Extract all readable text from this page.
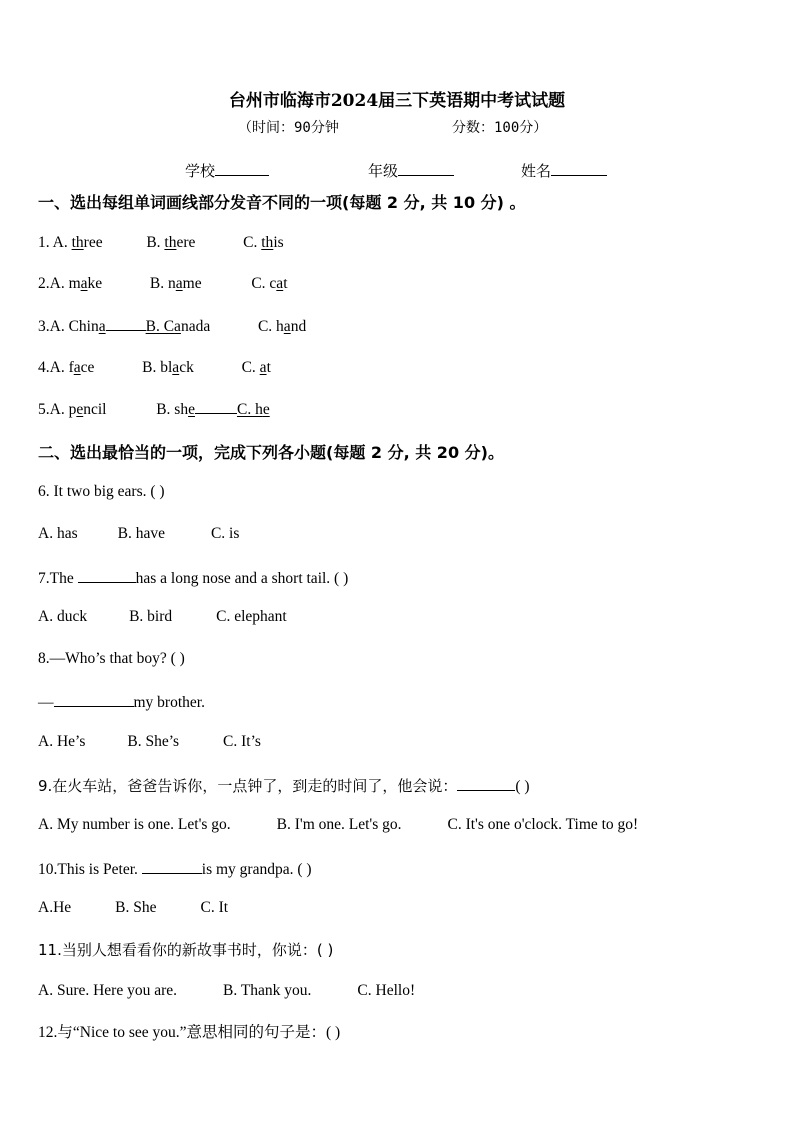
台州市临海市2024届三下英语期中考试试题
（时间：90分钟	分数：100分）
学校	年级	姓名
一、选出每组单词画线部分发音不同的一项(每题 2 分, 共 10 分) 。
1. A. three	B. there	C. this
2.A. make	B. name	C. cat
3.A. China	B. Canada	C. hand
4.A. face	B. black	C. at
5.A. pencil	B. she	C. he
二、选出最恰当的一项，完成下列各小题(每题 2 分, 共 20 分)。
6. It two big ears. ( )
A. has	B. have	C. is
7.The	has a long nose and a short tail. ( )
A. duck	B. bird	C. elephant
8.—Who’s that boy? ( )
—	my brother.
A. He’s	B. She’s	C. It’s
9.在火车站，爸爸告诉你，一点钟了，到走的时间了，他会说：	( )
A. My number is one. Let's go.	B. I'm one. Let's go.	C. It's one o'clock. Time to go!
10.This is Peter.	is my grandpa. ( )
A.He	B. She	C. It
11.当别人想看看你的新故事书时，你说：( )
A. Sure. Here you are.	B. Thank you.	C. Hello!
12.与“Nice to see you.”意思相同的句子是：( )
